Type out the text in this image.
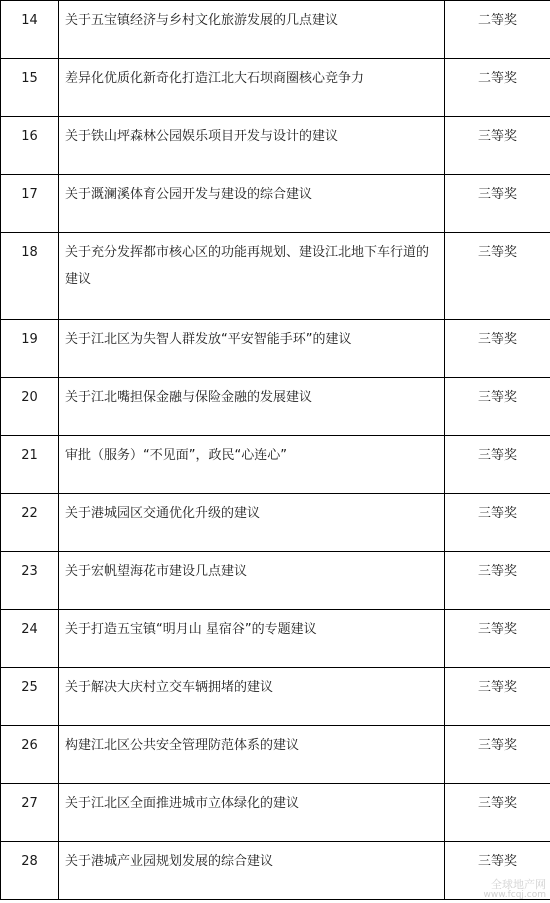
14	关于五宝镇经济与乡村文化旅游发展的几点建议	二等奖
15	差异化优质化新奇化打造江北大石坝商圈核心竞争力	二等奖
16	关于铁山坪森林公园娱乐项目开发与设计的建议	三等奖
17	关于溉澜溪体育公园开发与建设的综合建议	三等奖
18	关于充分发挥都市核心区的功能再规划、建设江北地下车行道的建议	三等奖
19	关于江北区为失智人群发放“平安智能手环”的建议	三等奖
20	关于江北嘴担保金融与保险金融的发展建议	三等奖
21	审批（服务）“不见面”，政民“心连心”	三等奖
22	关于港城园区交通优化升级的建议	三等奖
23	关于宏帆望海花市建设几点建议	三等奖
24	关于打造五宝镇“明月山 星宿谷”的专题建议	三等奖
25	关于解决大庆村立交车辆拥堵的建议	三等奖
26	构建江北区公共安全管理防范体系的建议	三等奖
27	关于江北区全面推进城市立体绿化的建议	三等奖
28	关于港城产业园规划发展的综合建议	三等奖
全球地产网
www.fcqj.com
